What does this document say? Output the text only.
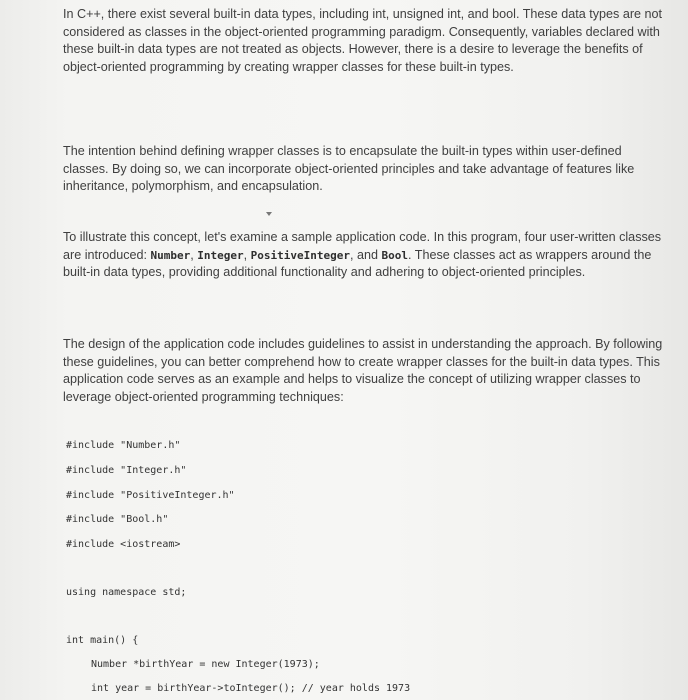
In C++, there exist several built-in data types, including int, unsigned int, and bool. These data types are not considered as classes in the object-oriented programming paradigm. Consequently, variables declared with these built-in data types are not treated as objects. However, there is a desire to leverage the benefits of object-oriented programming by creating wrapper classes for these built-in types.

The intention behind defining wrapper classes is to encapsulate the built-in types within user-defined classes. By doing so, we can incorporate object-oriented principles and take advantage of features like inheritance, polymorphism, and encapsulation.

To illustrate this concept, let's examine a sample application code. In this program, four user-written classes are introduced: Number, Integer, PositiveInteger, and Bool. These classes act as wrappers around the built-in data types, providing additional functionality and adhering to object-oriented principles.

The design of the application code includes guidelines to assist in understanding the approach. By following these guidelines, you can better comprehend how to create wrapper classes for the built-in data types. This application code serves as an example and helps to visualize the concept of utilizing wrapper classes to leverage object-oriented programming techniques:

#include "Number.h"
#include "Integer.h"
#include "PositiveInteger.h"
#include "Bool.h"
#include <iostream>
using namespace std;
int main() {
Number *birthYear = new Integer(1973);
int year = birthYear->toInteger(); // year holds 1973
